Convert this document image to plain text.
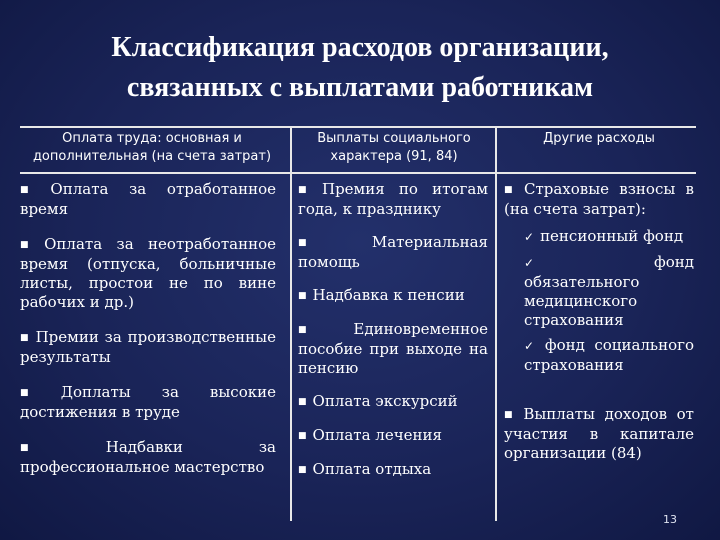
Классификация расходов организации,
связанных с выплатами работникам
Оплата труда: основная и дополнительная (на счета затрат)
Выплаты социального характера (91, 84)
Другие расходы
■ Оплата за отработанное время
■ Оплата за неотработанное время (отпуска, больничные листы, простои не по вине рабочих и др.)
■ Премии за производственные результаты
■ Доплаты за высокие достижения в труде
■ Надбавки за профессиональное мастерство
■ Премия по итогам года, к празднику
■ Материальная помощь
■ Надбавка к пенсии
■ Единовременное пособие при выходе на пенсию
■ Оплата экскурсий
■ Оплата лечения
■ Оплата отдыха
■ Страховые взносы в (на счета затрат):
✓ пенсионный фонд
✓ фонд обязательного медицинского страхования
✓ фонд социального страхования
■ Выплаты доходов от участия в капитале организации (84)
13
